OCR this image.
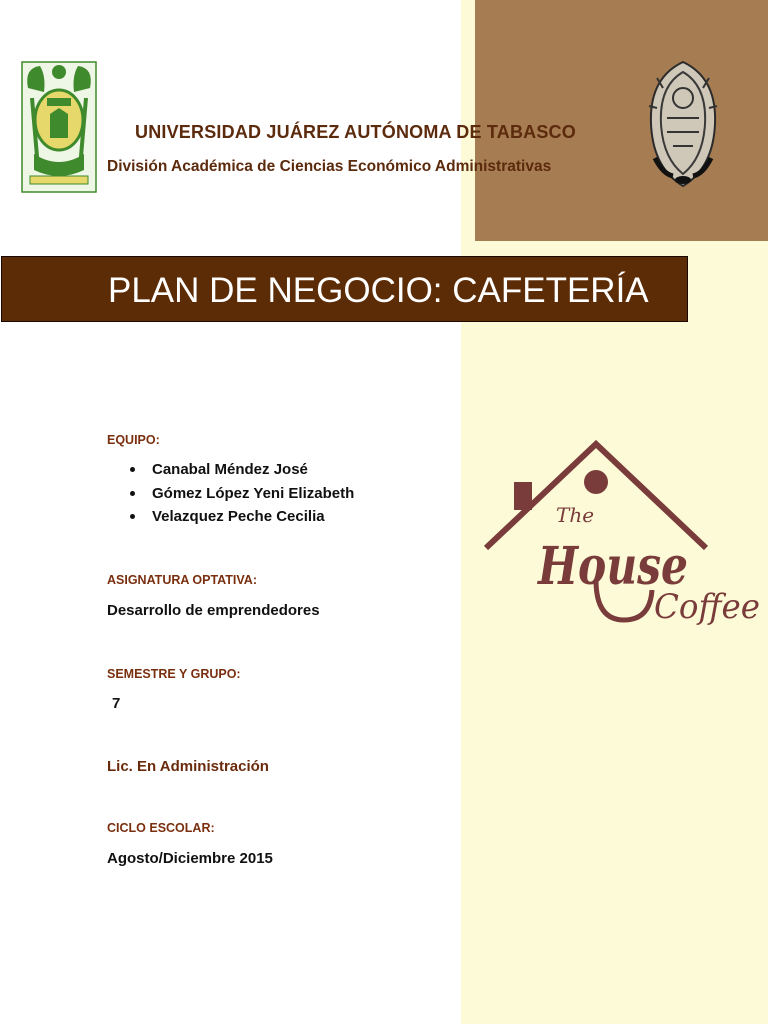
UNIVERSIDAD JUÁREZ AUTÓNOMA DE TABASCO
División Académica de Ciencias Económico Administrativas
PLAN DE NEGOCIO: CAFETERÍA
EQUIPO:
Canabal Méndez José
Gómez López Yeni Elizabeth
Velazquez Peche Cecilia
ASIGNATURA OPTATIVA:
Desarrollo de emprendedores
SEMESTRE Y GRUPO:
7
Lic. En Administración
CICLO ESCOLAR:
Agosto/Diciembre 2015
The
House
Coffee
